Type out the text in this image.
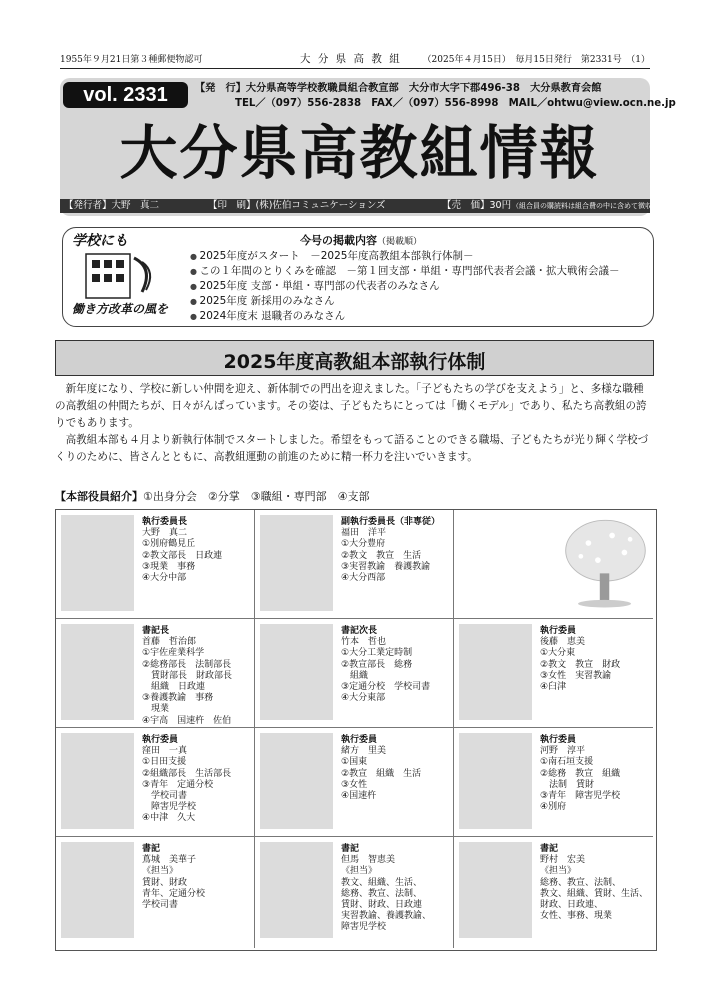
1955年９月21日第３種郵便物認可	大 分 県 高 教 組 （2025年４月15日）　毎月15日発行　第2331号　（1）
vol. 2331	【発　行】大分県高等学校教職員組合教宣部　大分市大字下郡496-38　大分県教育会館
TEL／（097）556-2838　FAX／（097）556-8998　MAIL／ohtwu@view.ocn.ne.jp
大分県高教組情報
【発行者】大野　真二	【印　刷】(株)佐伯コミュニケーションズ	【売　価】30円 （組合員の購読料は組合費の中に含めて徴収しています）
学校にも
働き方改革の風を
今号の掲載内容（掲載順）
● 2025年度がスタート　－2025年度高教組本部執行体制－
● この１年間のとりくみを確認　－第１回支部・単組・専門部代表者会議・拡大戦術会議－
● 2025年度 支部・単組・専門部の代表者のみなさん
● 2025年度 新採用のみなさん
● 2024年度末 退職者のみなさん
2025年度高教組本部執行体制

新年度になり、学校に新しい仲間を迎え、新体制での門出を迎えました。「子どもたちの学びを支えよう」と、多様な職種の高教組の仲間たちが、日々がんばっています。その姿は、子どもたちにとっては「働くモデル」であり、私たち高教組の誇りでもあります。

高教組本部も４月より新執行体制でスタートしました。希望をもって語ることのできる職場、子どもたちが光り輝く学校づくりのために、皆さんとともに、高教組運動の前進のために精一杯力を注いでいきます。

【本部役員紹介】①出身分会　②分掌　③職組・専門部　④支部
執行委員長
大野　真二
①別府鶴見丘
②教文部長　日政連
③現業　事務
④大分中部
副執行委員長（非専従）
福田　洋平
①大分豊府
②教文　教宣　生活
③実習教諭　養護教諭
④大分西部
書記長
首藤　哲治郎
①宇佐産業科学
②総務部長　法制部長
　賃財部長　財政部長
　組織　日政連
③養護教諭　事務
　現業
④宇高　国速杵　佐伯
書記次長
竹本　哲也
①大分工業定時制
②教宣部長　総務
　組織
③定通分校　学校司書
④大分東部
執行委員
後藤　恵美
①大分東
②教文　教宣　財政
③女性　実習教諭
④臼津
執行委員
窪田　一真
①日田支援
②組織部長　生活部長
③青年　定通分校
　学校司書
　障害児学校
④中津　久大
執行委員
緒方　里美
①国東
②教宣　組織　生活
③女性
④国速杵
執行委員
河野　淳平
①南石垣支援
②総務　教宣　組織
　法制　賃財
③青年　障害児学校
④別府
書記
蔦城　美華子
《担当》
賃財、財政
青年、定通分校
学校司書
書記
但馬　智恵美
《担当》
教文、組織、生活、
総務、教宣、法制、
賃財、財政、日政連
実習教諭、養護教諭、
障害児学校
書記
野村　宏美
《担当》
総務、教宣、法制、
教文、組織、賃財、生活、
財政、日政連、
女性、事務、現業
